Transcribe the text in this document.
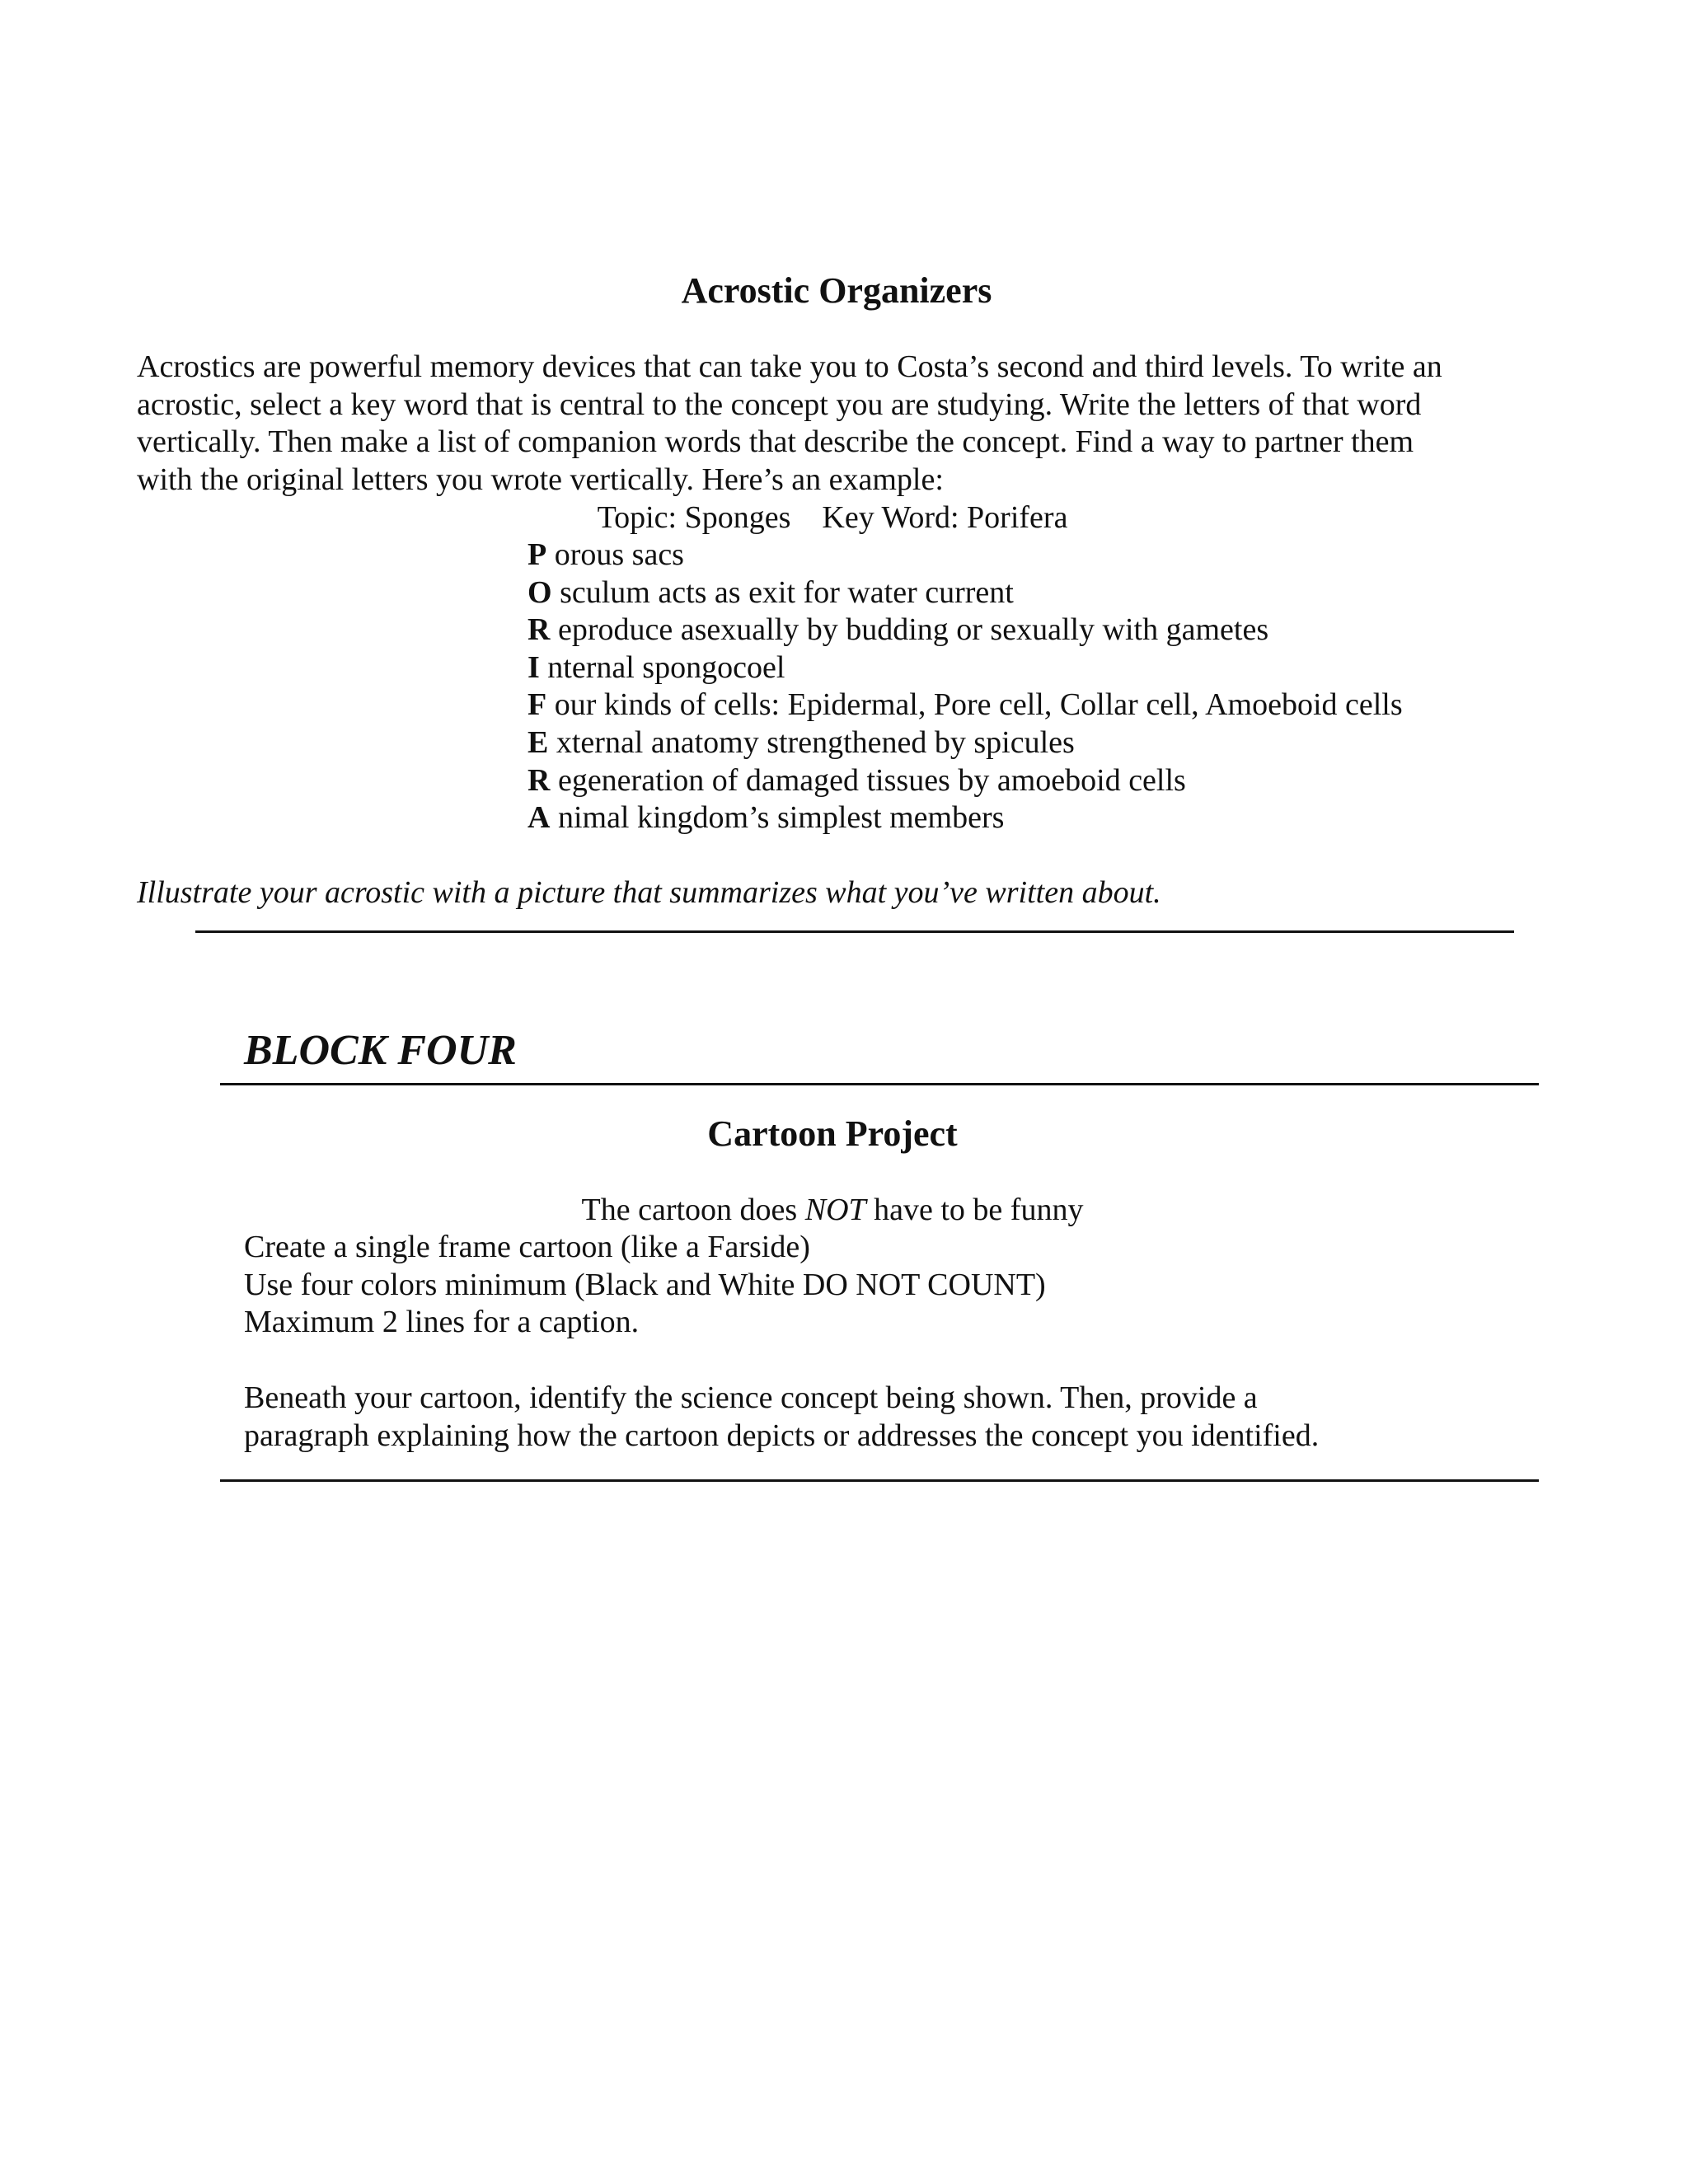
Acrostic Organizers
Acrostics are powerful memory devices that can take you to Costa’s second and third levels. To write an
acrostic, select a key word that is central to the concept you are studying. Write the letters of that word
vertically. Then make a list of companion words that describe the concept. Find a way to partner them
with the original letters you wrote vertically. Here’s an example:
Topic: Sponges    Key Word: Porifera
P orous sacs
O sculum acts as exit for water current
R eproduce asexually by budding or sexually with gametes
I nternal spongocoel
F our kinds of cells: Epidermal, Pore cell, Collar cell, Amoeboid cells
E xternal anatomy strengthened by spicules
R egeneration of damaged tissues by amoeboid cells
A nimal kingdom’s simplest members
Illustrate your acrostic with a picture that summarizes what you’ve written about.
BLOCK FOUR
Cartoon Project
The cartoon does NOT have to be funny
Create a single frame cartoon (like a Farside)
Use four colors minimum (Black and White DO NOT COUNT)
Maximum 2 lines for a caption.
Beneath your cartoon, identify the science concept being shown. Then, provide a
paragraph explaining how the cartoon depicts or addresses the concept you identified.
